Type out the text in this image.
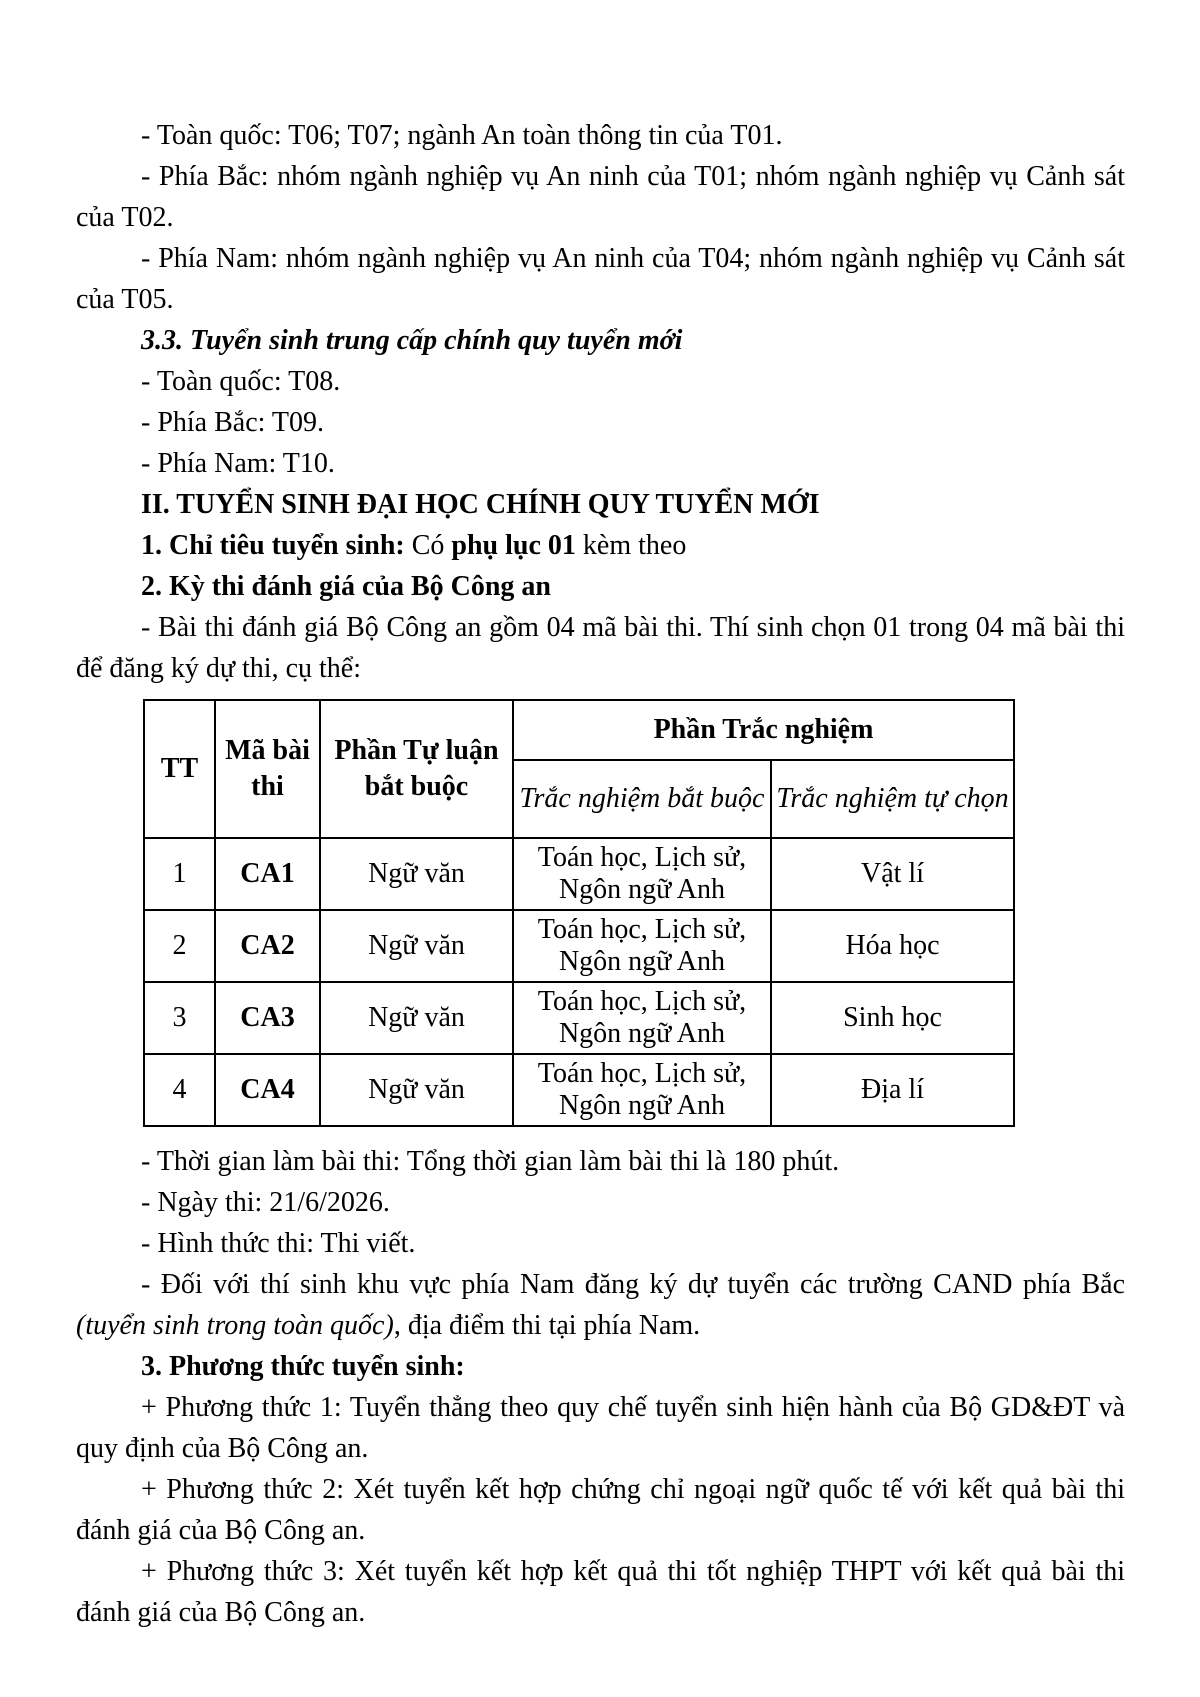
- Toàn quốc: T06; T07; ngành An toàn thông tin của T01.

- Phía Bắc: nhóm ngành nghiệp vụ An ninh của T01; nhóm ngành nghiệp vụ Cảnh sát của T02.

- Phía Nam: nhóm ngành nghiệp vụ An ninh của T04; nhóm ngành nghiệp vụ Cảnh sát của T05.

3.3. Tuyển sinh trung cấp chính quy tuyển mới

- Toàn quốc: T08.

- Phía Bắc: T09.

- Phía Nam: T10.

II. TUYỂN SINH ĐẠI HỌC CHÍNH QUY TUYỂN MỚI

1. Chỉ tiêu tuyển sinh: Có phụ lục 01 kèm theo

2. Kỳ thi đánh giá của Bộ Công an

- Bài thi đánh giá Bộ Công an gồm 04 mã bài thi. Thí sinh chọn 01 trong 04 mã bài thi để đăng ký dự thi, cụ thể:

TT	Mã bài thi	Phần Tự luận bắt buộc	Phần Trắc nghiệm	
			Trắc nghiệm bắt buộc	Trắc nghiệm tự chọn
1	CA1	Ngữ văn	Toán học, Lịch sử, Ngôn ngữ Anh	Vật lí
2	CA2	Ngữ văn	Toán học, Lịch sử, Ngôn ngữ Anh	Hóa học
3	CA3	Ngữ văn	Toán học, Lịch sử, Ngôn ngữ Anh	Sinh học
4	CA4	Ngữ văn	Toán học, Lịch sử, Ngôn ngữ Anh	Địa lí

- Thời gian làm bài thi: Tổng thời gian làm bài thi là 180 phút.

- Ngày thi: 21/6/2026.

- Hình thức thi: Thi viết.

- Đối với thí sinh khu vực phía Nam đăng ký dự tuyển các trường CAND phía Bắc (tuyển sinh trong toàn quốc), địa điểm thi tại phía Nam.

3. Phương thức tuyển sinh:

+ Phương thức 1: Tuyển thẳng theo quy chế tuyển sinh hiện hành của Bộ GD&ĐT và quy định của Bộ Công an.

+ Phương thức 2: Xét tuyển kết hợp chứng chỉ ngoại ngữ quốc tế với kết quả bài thi đánh giá của Bộ Công an.

+ Phương thức 3: Xét tuyển kết hợp kết quả thi tốt nghiệp THPT với kết quả bài thi đánh giá của Bộ Công an.
